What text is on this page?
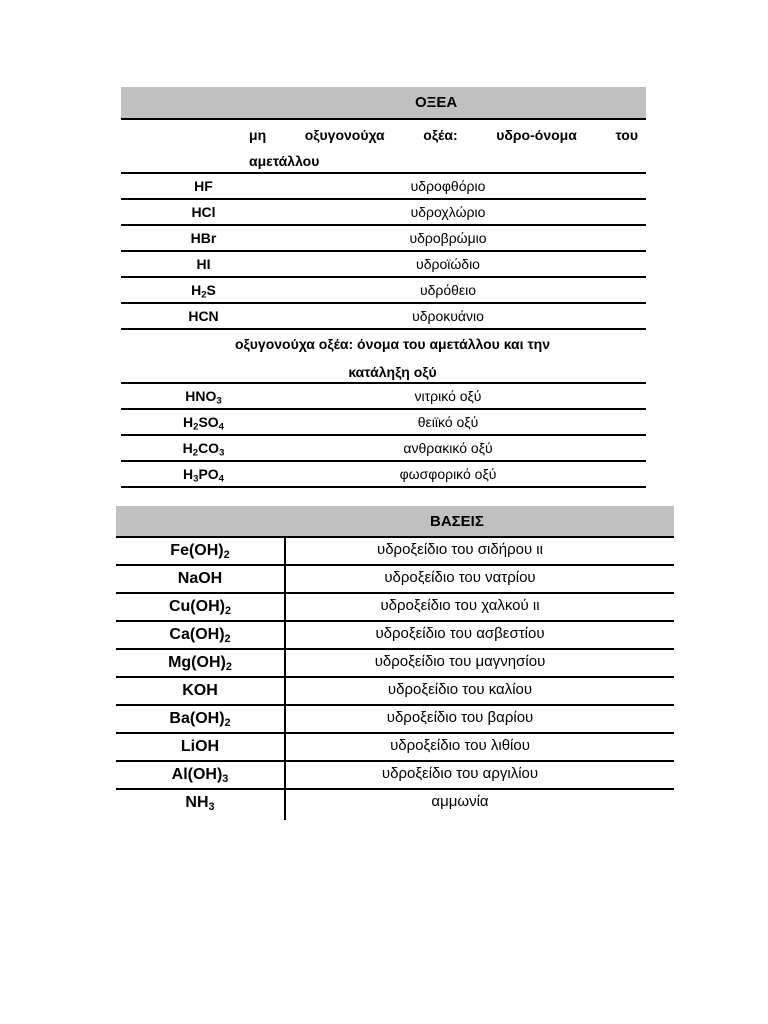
ΟΞΕΑ
μη	οξυγονούχα	οξέα:	υδρο-όνομα	του
αμετάλλου
HF	υδροφθόριο
HCl	υδροχλώριο
HBr	υδροβρώμιο
HI	υδροϊώδιο
$H_2S$	υδρόθειο
HCN	υδροκυάνιο
οξυγονούχα οξέα: όνομα του αμετάλλου και την
κατάληξη οξύ
$HNO_3$	νιτρικό οξύ
$H_2SO_4$	θειϊκό οξύ
$H_2CO_3$	ανθρακικό οξύ
$H_3PO_4$	φωσφορικό οξύ
ΒΑΣΕΙΣ
$Fe(OH)_2$	υδροξείδιο του σιδήρου ιι
NaOH	υδροξείδιο του νατρίου
$Cu(OH)_2$	υδροξείδιο του χαλκού ιι
$Ca(OH)_2$	υδροξείδιο του ασβεστίου
$Mg(OH)_2$	υδροξείδιο του μαγνησίου
KOH	υδροξείδιο του καλίου
$Ba(OH)_2$	υδροξείδιο του βαρίου
LiOH	υδροξείδιο του λιθίου
$Al(OH)_3$	υδροξείδιο του αργιλίου
$NH_3$	αμμωνία
